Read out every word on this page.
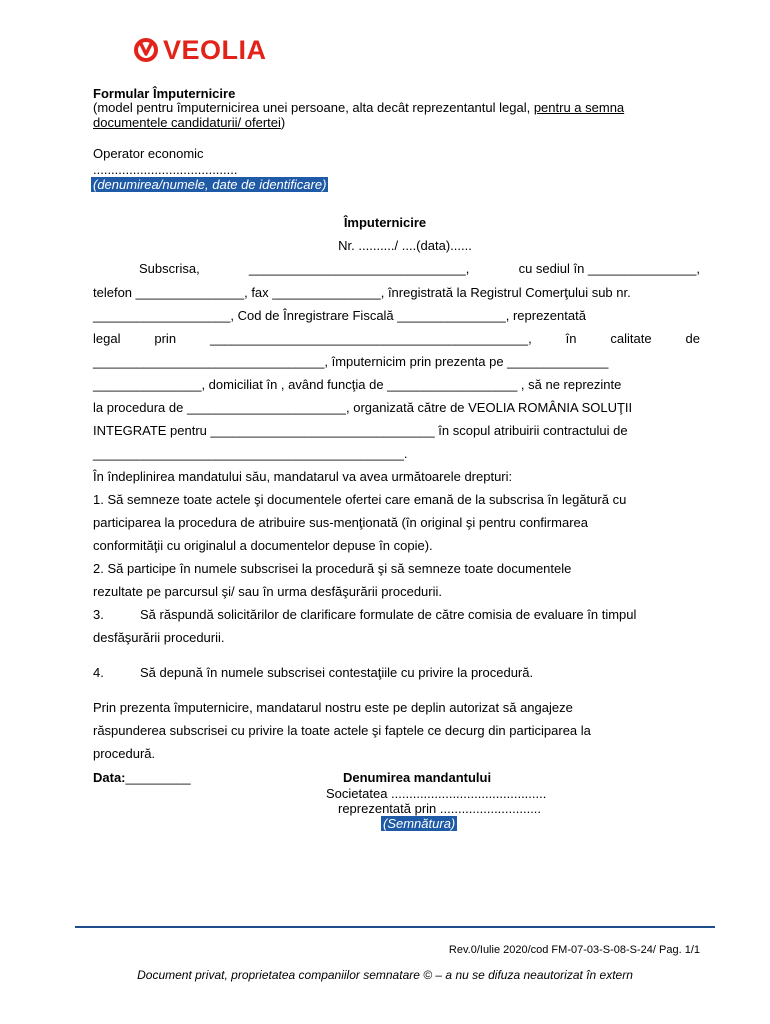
VEOLIA
Formular Împuternicire
(model pentru împuternicirea unei persoane, alta decât reprezentantul legal, pentru a semna
documentele candidaturii/ ofertei)
Operator economic
........................................
(denumirea/numele, date de identificare)
Împuternicire
Nr. ........../ ....(data)......
Subscrisa,	______________________________,	cu sediul în _______________,
telefon _______________, fax _______________, înregistrată la Registrul Comerţului sub nr.
___________________, Cod de Înregistrare Fiscală _______________, reprezentată
legal	prin	____________________________________________,	în	calitate	de
________________________________, împuternicim prin prezenta pe ______________
_______________, domiciliat în , având funcţia de __________________ , să ne reprezinte
la procedura de ______________________, organizată către de VEOLIA ROMÂNIA SOLUŢII
INTEGRATE pentru _______________________________ în scopul atribuirii contractului de
___________________________________________.
În îndeplinirea mandatului său, mandatarul va avea următoarele drepturi:
1. Să semneze toate actele şi documentele ofertei care emană de la subscrisa în legătură cu
participarea la procedura de atribuire sus-menţionată (în original şi pentru confirmarea
conformităţii cu originalul a documentelor depuse în copie).
2. Să participe în numele subscrisei la procedură şi să semneze toate documentele
rezultate pe parcursul şi/ sau în urma desfăşurării procedurii.
3.	Să răspundă solicitărilor de clarificare formulate de către comisia de evaluare în timpul
desfăşurării procedurii.
4.	Să depună în numele subscrisei contestaţiile cu privire la procedură.
Prin prezenta împuternicire, mandatarul nostru este pe deplin autorizat să angajeze
răspunderea subscrisei cu privire la toate actele şi faptele ce decurg din participarea la
procedură.
Data:_________	Denumirea mandantului
Societatea ...........................................
reprezentată prin ............................
(Semnătura)
Rev.0/Iulie 2020/cod FM-07-03-S-08-S-24/ Pag. 1/1
Document privat, proprietatea companiilor semnatare © – a nu se difuza neautorizat în extern
